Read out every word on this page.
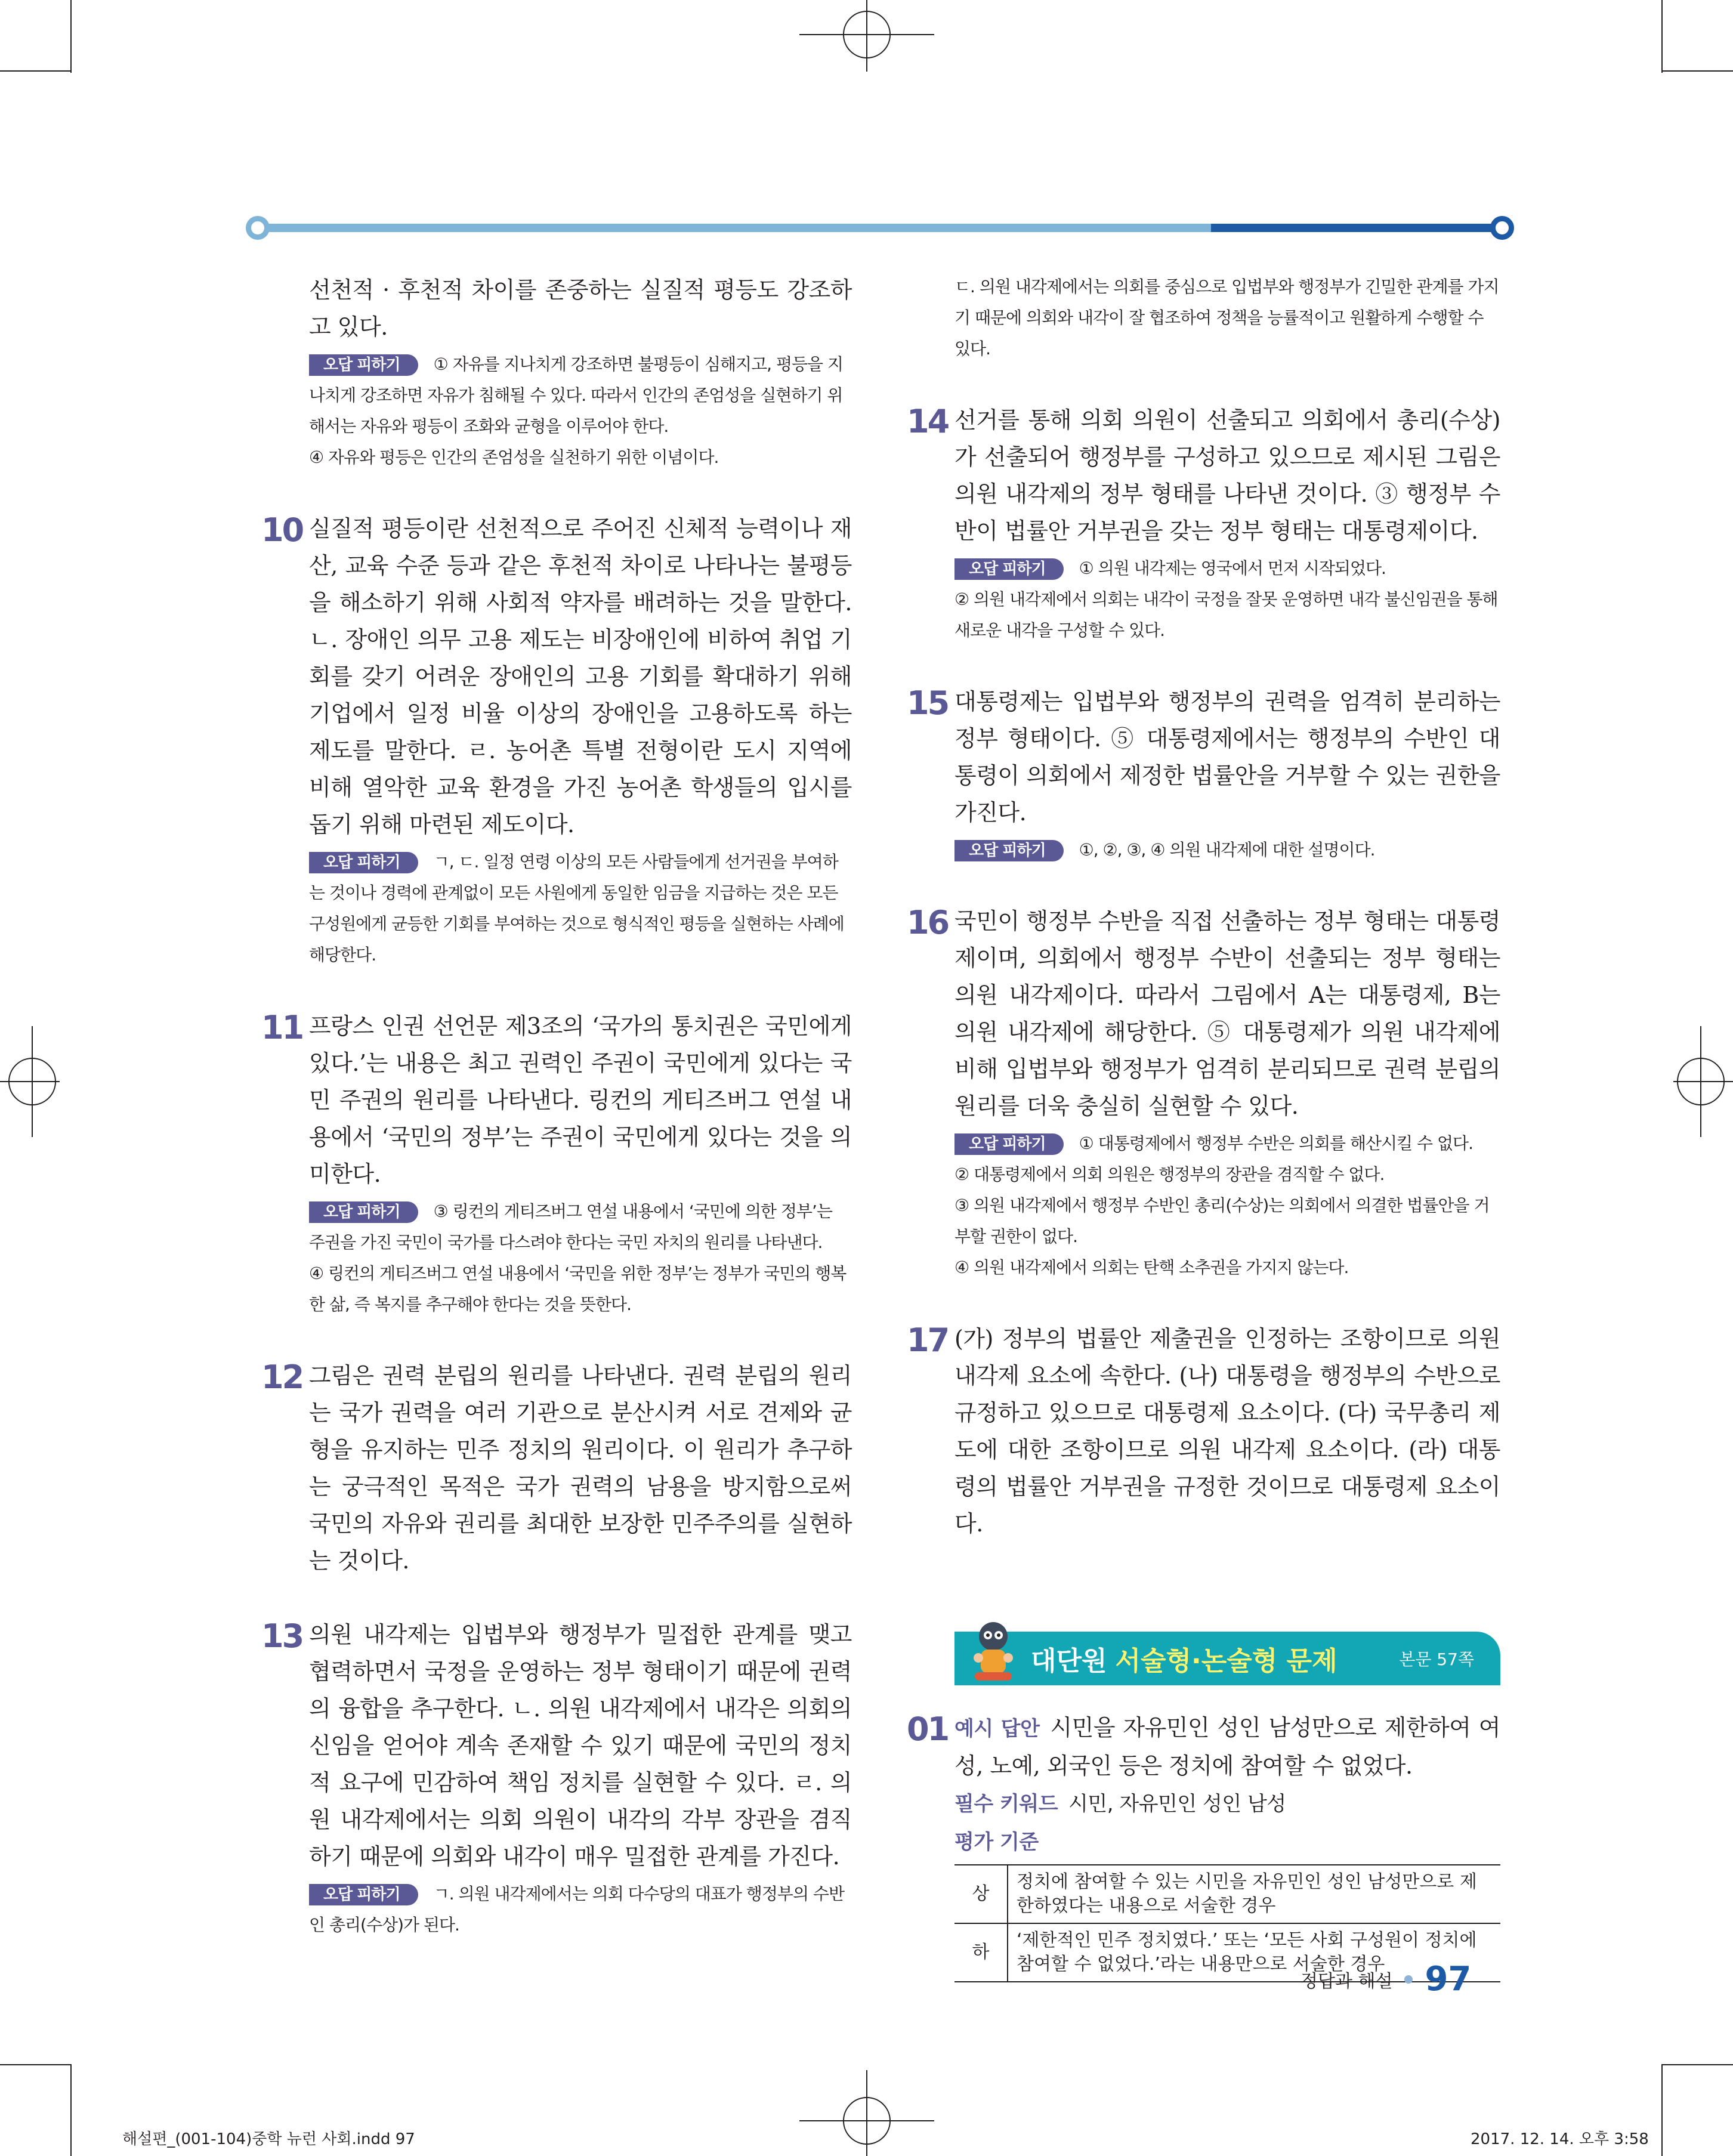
선천적 · 후천적 차이를 존중하는 실질적 평등도 강조하고 있다.

오답 피하기 ① 자유를 지나치게 강조하면 불평등이 심해지고, 평등을 지나치게 강조하면 자유가 침해될 수 있다. 따라서 인간의 존엄성을 실현하기 위해서는 자유와 평등이 조화와 균형을 이루어야 한다.

④ 자유와 평등은 인간의 존엄성을 실천하기 위한 이념이다.

10 실질적 평등이란 선천적으로 주어진 신체적 능력이나 재산, 교육 수준 등과 같은 후천적 차이로 나타나는 불평등을 해소하기 위해 사회적 약자를 배려하는 것을 말한다. ㄴ. 장애인 의무 고용 제도는 비장애인에 비하여 취업 기회를 갖기 어려운 장애인의 고용 기회를 확대하기 위해 기업에서 일정 비율 이상의 장애인을 고용하도록 하는 제도를 말한다. ㄹ. 농어촌 특별 전형이란 도시 지역에 비해 열악한 교육 환경을 가진 농어촌 학생들의 입시를 돕기 위해 마련된 제도이다.

오답 피하기 ㄱ, ㄷ. 일정 연령 이상의 모든 사람들에게 선거권을 부여하는 것이나 경력에 관계없이 모든 사원에게 동일한 임금을 지급하는 것은 모든 구성원에게 균등한 기회를 부여하는 것으로 형식적인 평등을 실현하는 사례에 해당한다.

11 프랑스 인권 선언문 제3조의 ‘국가의 통치권은 국민에게 있다.’는 내용은 최고 권력인 주권이 국민에게 있다는 국민 주권의 원리를 나타낸다. 링컨의 게티즈버그 연설 내용에서 ‘국민의 정부’는 주권이 국민에게 있다는 것을 의미한다.

오답 피하기 ③ 링컨의 게티즈버그 연설 내용에서 ‘국민에 의한 정부’는 주권을 가진 국민이 국가를 다스려야 한다는 국민 자치의 원리를 나타낸다.

④ 링컨의 게티즈버그 연설 내용에서 ‘국민을 위한 정부’는 정부가 국민의 행복한 삶, 즉 복지를 추구해야 한다는 것을 뜻한다.

12 그림은 권력 분립의 원리를 나타낸다. 권력 분립의 원리는 국가 권력을 여러 기관으로 분산시켜 서로 견제와 균형을 유지하는 민주 정치의 원리이다. 이 원리가 추구하는 궁극적인 목적은 국가 권력의 남용을 방지함으로써 국민의 자유와 권리를 최대한 보장한 민주주의를 실현하는 것이다.

13 의원 내각제는 입법부와 행정부가 밀접한 관계를 맺고 협력하면서 국정을 운영하는 정부 형태이기 때문에 권력의 융합을 추구한다. ㄴ. 의원 내각제에서 내각은 의회의 신임을 얻어야 계속 존재할 수 있기 때문에 국민의 정치적 요구에 민감하여 책임 정치를 실현할 수 있다. ㄹ. 의원 내각제에서는 의회 의원이 내각의 각부 장관을 겸직하기 때문에 의회와 내각이 매우 밀접한 관계를 가진다.

오답 피하기 ㄱ. 의원 내각제에서는 의회 다수당의 대표가 행정부의 수반인 총리(수상)가 된다.

ㄷ. 의원 내각제에서는 의회를 중심으로 입법부와 행정부가 긴밀한 관계를 가지기 때문에 의회와 내각이 잘 협조하여 정책을 능률적이고 원활하게 수행할 수 있다.

14 선거를 통해 의회 의원이 선출되고 의회에서 총리(수상)가 선출되어 행정부를 구성하고 있으므로 제시된 그림은 의원 내각제의 정부 형태를 나타낸 것이다. ③ 행정부 수반이 법률안 거부권을 갖는 정부 형태는 대통령제이다.

오답 피하기 ① 의원 내각제는 영국에서 먼저 시작되었다.

② 의원 내각제에서 의회는 내각이 국정을 잘못 운영하면 내각 불신임권을 통해 새로운 내각을 구성할 수 있다.

15 대통령제는 입법부와 행정부의 권력을 엄격히 분리하는 정부 형태이다. ⑤ 대통령제에서는 행정부의 수반인 대통령이 의회에서 제정한 법률안을 거부할 수 있는 권한을 가진다.

오답 피하기 ①, ②, ③, ④ 의원 내각제에 대한 설명이다.

16 국민이 행정부 수반을 직접 선출하는 정부 형태는 대통령제이며, 의회에서 행정부 수반이 선출되는 정부 형태는 의원 내각제이다. 따라서 그림에서 A는 대통령제, B는 의원 내각제에 해당한다. ⑤ 대통령제가 의원 내각제에 비해 입법부와 행정부가 엄격히 분리되므로 권력 분립의 원리를 더욱 충실히 실현할 수 있다.

오답 피하기 ① 대통령제에서 행정부 수반은 의회를 해산시킬 수 없다.

② 대통령제에서 의회 의원은 행정부의 장관을 겸직할 수 없다.

③ 의원 내각제에서 행정부 수반인 총리(수상)는 의회에서 의결한 법률안을 거부할 권한이 없다.

④ 의원 내각제에서 의회는 탄핵 소추권을 가지지 않는다.

17 (가) 정부의 법률안 제출권을 인정하는 조항이므로 의원 내각제 요소에 속한다. (나) 대통령을 행정부의 수반으로 규정하고 있으므로 대통령제 요소이다. (다) 국무총리 제도에 대한 조항이므로 의원 내각제 요소이다. (라) 대통령의 법률안 거부권을 규정한 것이므로 대통령제 요소이다.

대단원 서술형·논술형 문제	본문 57쪽
01 예시 답안 시민을 자유민인 성인 남성만으로 제한하여 여성, 노예, 외국인 등은 정치에 참여할 수 없었다.

필수 키워드 시민, 자유민인 성인 남성

평가 기준

상	정치에 참여할 수 있는 시민을 자유민인 성인 남성만으로 제한하였다는 내용으로 서술한 경우
하	‘제한적인 민주 정치였다.’ 또는 ‘모든 사회 구성원이 정치에 참여할 수 없었다.’라는 내용만으로 서술한 경우
정답과 해설 97
해설편_(001-104)중학 뉴런 사회.indd 97	2017. 12. 14. 오후 3:58
